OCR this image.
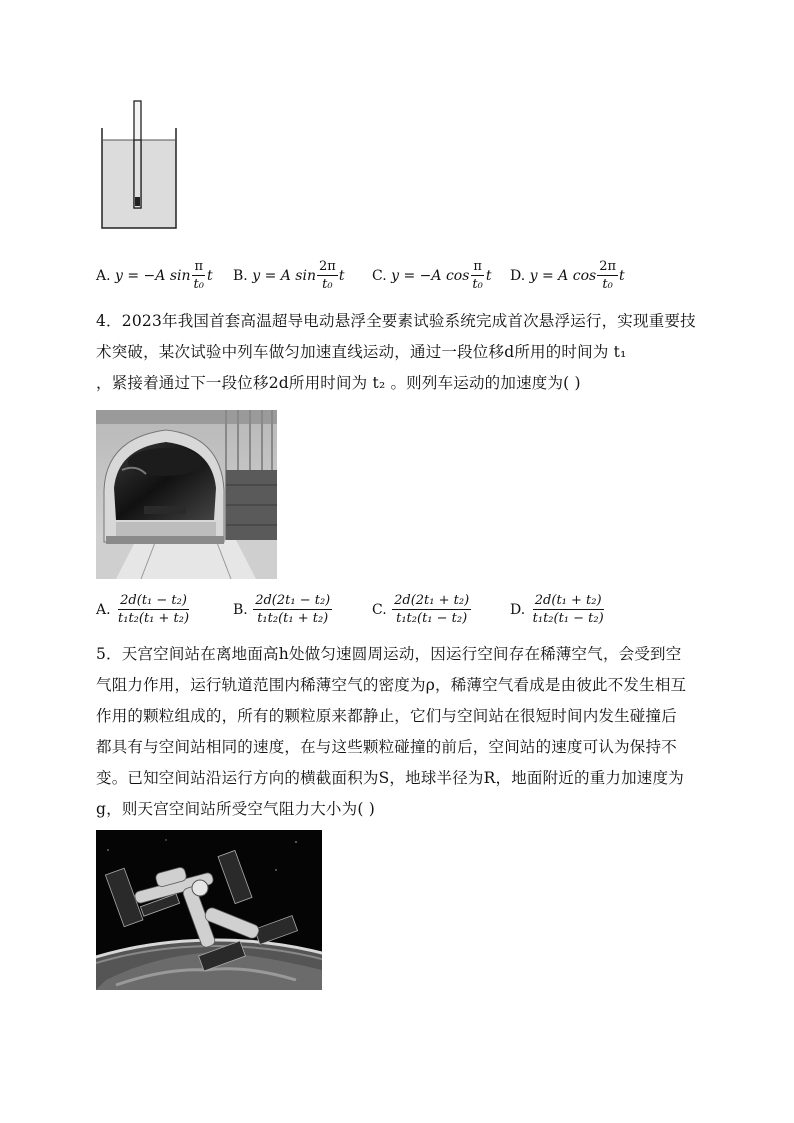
A.
y = −A $\sin \frac{\pi}{\text{t₀}}$ t B.
y = A $\sin \frac{2\pi}{\text{t₀}}$ t C.
y = −A $\cos \frac{\pi}{\text{t₀}}$ t D.
y = A $\cos \frac{2\pi}{\text{t₀}}$ t
4．2023年我国首套高温超导电动悬浮全要素试验系统完成首次悬浮运行，实现重要技
术突破，某次试验中列车做匀加速直线运动，通过一段位移d所用的时间为 t₁
，紧接着通过下一段位移2d所用时间为 t₂ 。则列车运动的加速度为( )
A.
$\frac{\text{2d(t₁ − t₂)}}{\text{t₁t₂(t₁ + t₂)}}$	B.
$\frac{\text{2d(2t₁ − t₂)}}{\text{t₁t₂(t₁ + t₂)}}$	C.
$\frac{\text{2d(2t₁ + t₂)}}{\text{t₁t₂(t₁ − t₂)}}$	D.
$\frac{\text{2d(t₁ + t₂)}}{\text{t₁t₂(t₁ − t₂)}}$
5．天宫空间站在离地面高h处做匀速圆周运动，因运行空间存在稀薄空气，会受到空
气阻力作用，运行轨道范围内稀薄空气的密度为ρ，稀薄空气看成是由彼此不发生相互
作用的颗粒组成的，所有的颗粒原来都静止，它们与空间站在很短时间内发生碰撞后
都具有与空间站相同的速度，在与这些颗粒碰撞的前后，空间站的速度可认为保持不
变。已知空间站沿运行方向的横截面积为S，地球半径为R，地面附近的重力加速度为
g，则天宫空间站所受空气阻力大小为( )
